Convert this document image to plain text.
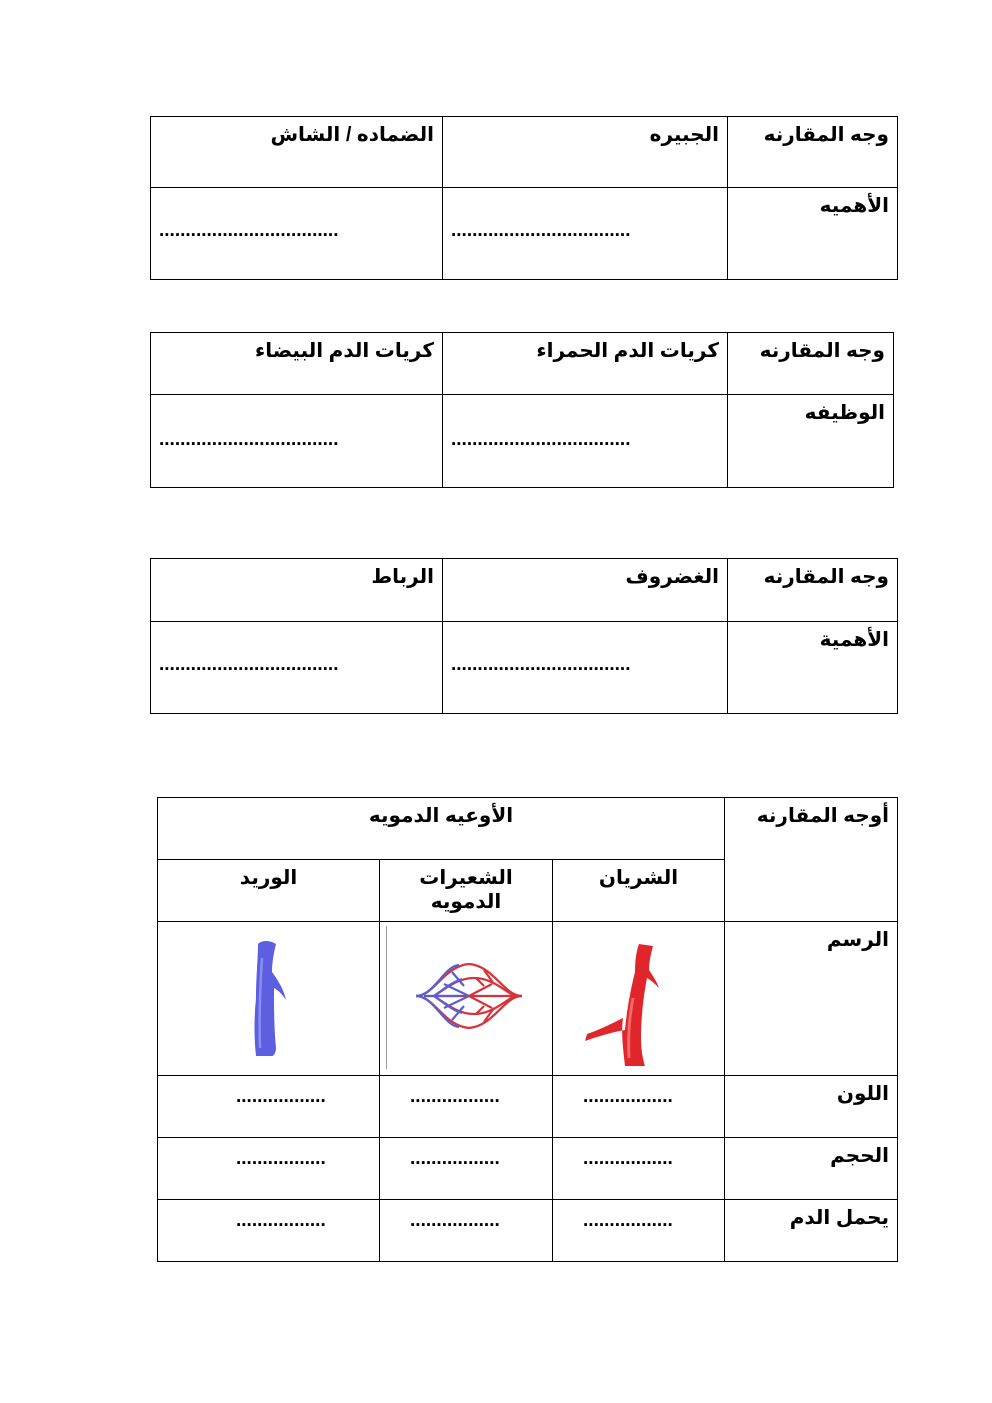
وجه المقارنه	الجبيره	الضماده / الشاش

الأهميه	..................................	..................................
وجه المقارنه	كريات الدم الحمراء	كريات الدم البيضاء

الوظيفه	..................................	..................................
وجه المقارنه	الغضروف	الرباط

الأهمية	..................................	..................................
أوجه المقارنه	الأوعيه الدمويه		

	الشريان	الشعيرات الدمويه	الوريد

الرسم

اللون	.................	.................	.................

الحجم	.................	.................	.................

يحمل الدم	.................	.................	.................
